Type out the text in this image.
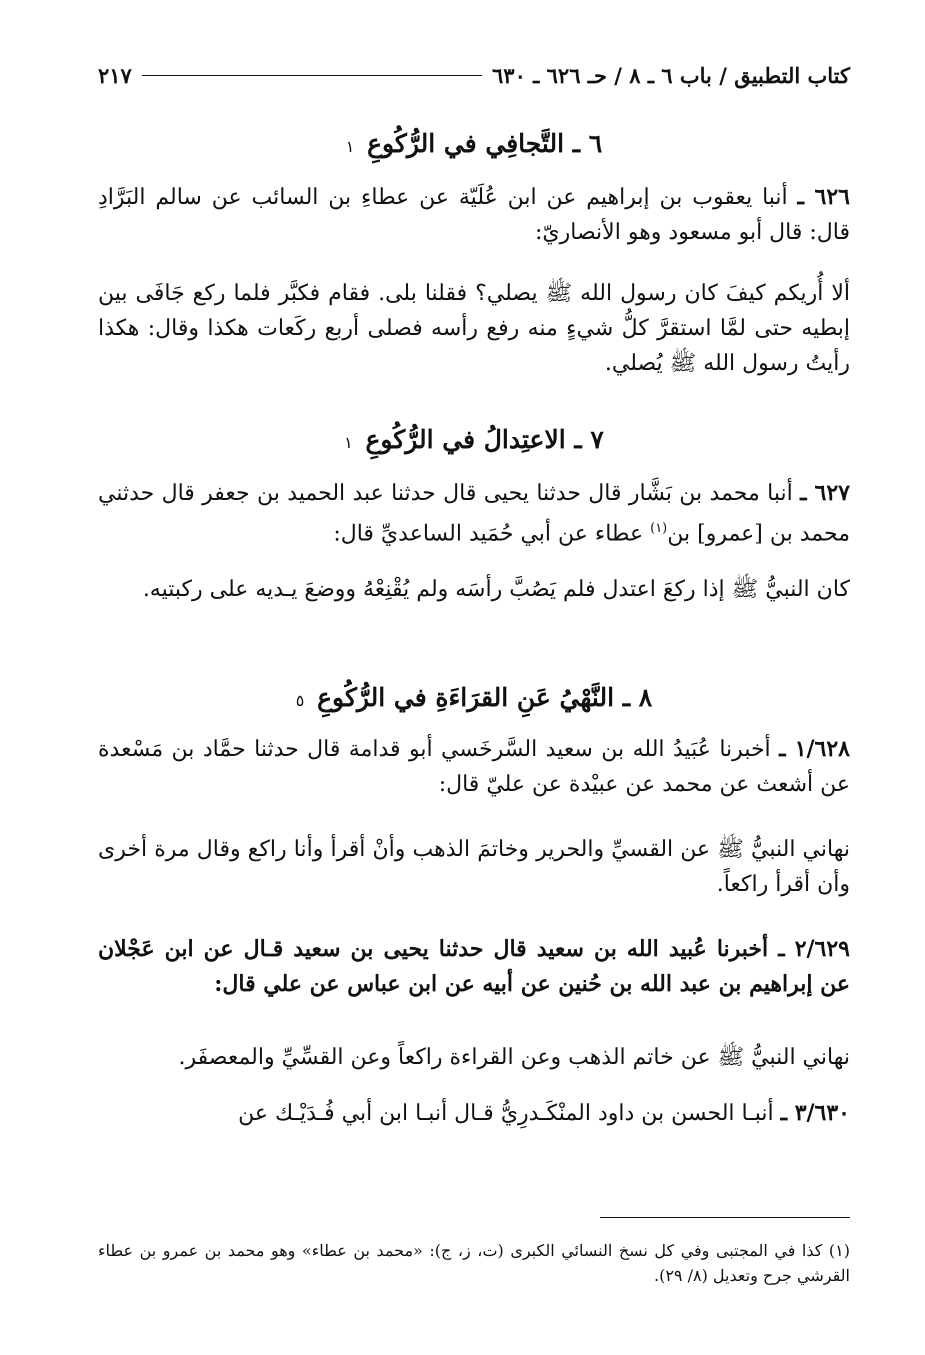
كتاب التطبيق / باب ٦ ـ ٨ / حـ ٦٢٦ ـ ٦٣٠
٢١٧
٦ ـ التَّجافِي في الرُّكُوعِ ١
٦٢٦ ـ أنبا يعقوب بن إبراهيم عن ابن عُلَيّة عن عطاءِ بن السائب عن سالم البَرَّادِ قال: قال أبو مسعود وهو الأنصاريّ:
ألا أُريكم كيفَ كان رسول الله ﷺ يصلي؟ فقلنا بلى. فقام فكبَّر فلما ركع جَافَى بين إبطيه حتى لمَّا استقرَّ كلُّ شيءٍ منه رفع رأسه فصلى أربع ركَعات هكذا وقال: هكذا رأيتُ رسول الله ﷺ يُصلي.
٧ ـ الاعتِدالُ في الرُّكُوعِ ١
٦٢٧ ـ أنبا محمد بن بَشَّار قال حدثنا يحيى قال حدثنا عبد الحميد بن جعفر قال حدثني محمد بن [عمرو] بن$^{(١)}$ عطاء عن أبي حُمَيد الساعديِّ قال:
كان النبيُّ ﷺ إذا ركعَ اعتدل فلم يَصُبَّ رأسَه ولم يُقْنِعْهُ ووضعَ يـديه على ركبتيه.
٨ ـ النَّهْيُ عَنِ القرَاءَةِ في الرُّكُوعِ ٥
١/٦٢٨ ـ أخبرنا عُبَيدُ الله بن سعيد السَّرخَسي أبو قدامة قال حدثنا حمَّاد بن مَسْعدة عن أشعث عن محمد عن عبيْدة عن عليّ قال:
نهاني النبيُّ ﷺ عن القسيِّ والحرير وخاتمَ الذهب وأنْ أقرأ وأنا راكع وقال مرة أخرى وأن أقرأ راكعاً.
٢/٦٢٩ ـ أخبرنا عُبيد الله بن سعيد قال حدثنا يحيى بن سعيد قـال عن ابن عَجْلان عن إبراهيم بن عبد الله بن حُنين عن أبيه عن ابن عباس عن علي قال:
نهاني النبيُّ ﷺ عن خاتم الذهب وعن القراءة راكعاً وعن القسِّيِّ والمعصفَر.
٣/٦٣٠ ـ أنبـا الحسن بن داود المنْكَـدرِيُّ قـال أنبـا ابن أبي فُـدَيْـك عن
(١) كذا في المجتبى وفي كل نسخ النسائي الكبرى (ت، ز، ج): «محمد بن عطاء» وهو محمد بن عمرو بن عطاء القرشي جرح وتعديل (٨/ ٢٩).
